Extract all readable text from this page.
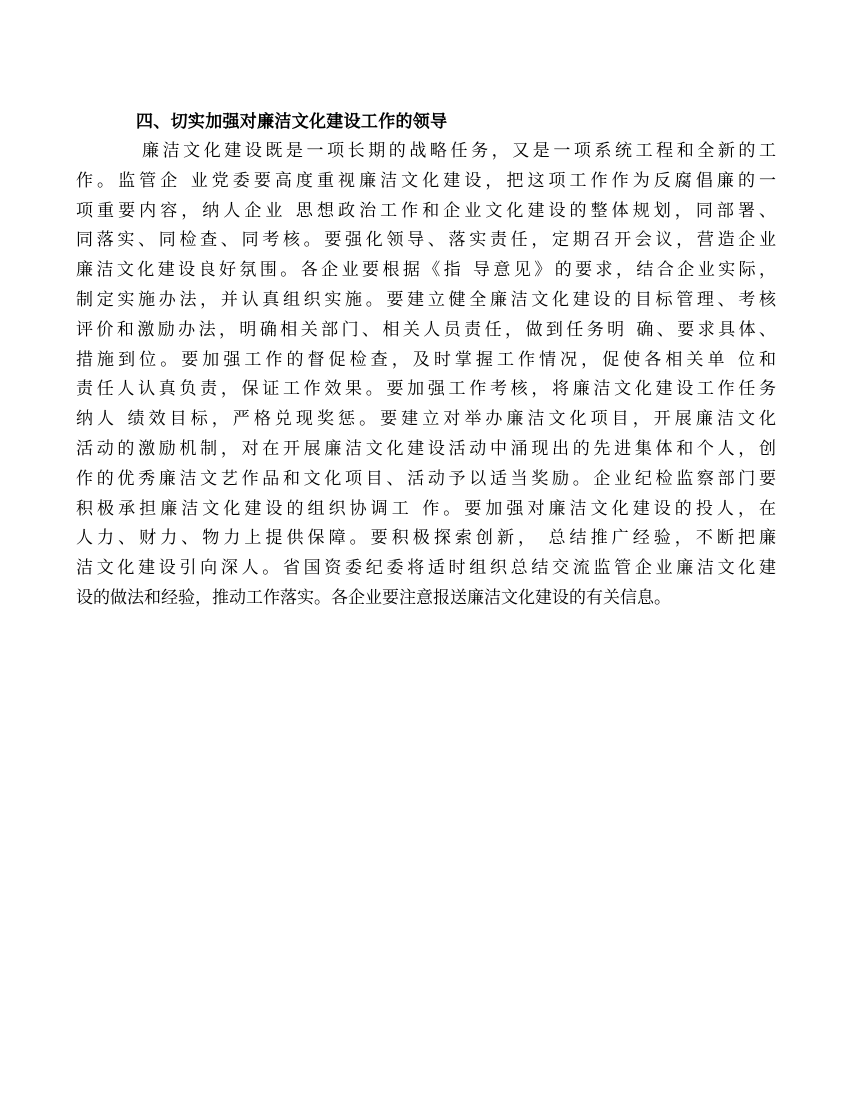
四、切实加强对廉洁文化建设工作的领导
廉洁文化建设既是一项长期的战略任务，又是一项系统工程和全新的工
作。监管企 业党委要高度重视廉洁文化建设，把这项工作作为反腐倡廉的一
项重要内容，纳人企业 思想政治工作和企业文化建设的整体规划，同部署、
同落实、同检查、同考核。要强化领导、落实责任，定期召开会议，营造企业
廉洁文化建设良好氛围。各企业要根据《指 导意见》的要求，结合企业实际，
制定实施办法，并认真组织实施。要建立健全廉洁文化建设的目标管理、考核
评价和激励办法，明确相关部门、相关人员责任，做到任务明 确、要求具体、
措施到位。要加强工作的督促检查，及时掌握工作情况，促使各相关单 位和
责任人认真负责，保证工作效果。要加强工作考核，将廉洁文化建设工作任务
纳人 绩效目标，严格兑现奖惩。要建立对举办廉洁文化项目，开展廉洁文化
活动的激励机制，对在开展廉洁文化建设活动中涌现出的先进集体和个人，创
作的优秀廉洁文艺作品和文化项目、活动予以适当奖励。企业纪检监察部门要
积极承担廉洁文化建设的组织协调工 作。要加强对廉洁文化建设的投人，在
人力、财力、物力上提供保障。要积极探索创新， 总结推广经验，不断把廉
洁文化建设引向深人。省国资委纪委将适时组织总结交流监管企业廉洁文化建
设的做法和经验，推动工作落实。各企业要注意报送廉洁文化建设的有关信息。
